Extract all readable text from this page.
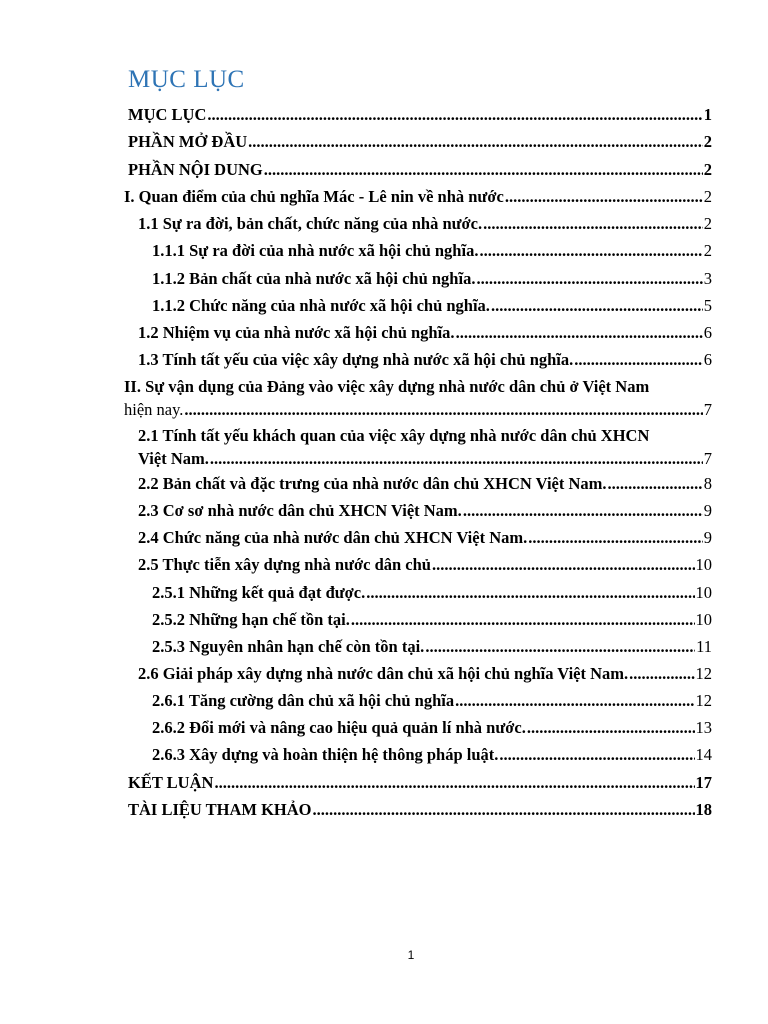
MỤC LỤC
MỤC LỤC .....	1
PHẦN MỞ ĐẦU .....	2
PHẦN NỘI DUNG .....	2
I. Quan điểm của chủ nghĩa Mác - Lê nin về nhà nước .....	2
1.1 Sự ra đời, bản chất, chức năng của nhà nước. .....	2
1.1.1 Sự ra đời của nhà nước xã hội chủ nghĩa. .....	2
1.1.2 Bản chất của nhà nước xã hội chủ nghĩa. .....	3
1.1.2 Chức năng của nhà nước xã hội chủ nghĩa. .....	5
1.2 Nhiệm vụ của nhà nước xã hội chủ nghĩa. .....	6
1.3 Tính tất yếu của việc xây dựng nhà nước xã hội chủ nghĩa. .....	6
II. Sự vận dụng của Đảng vào việc xây dựng nhà nước dân chủ ở Việt Nam
hiện nay. .....	7
2.1 Tính tất yếu khách quan của việc xây dựng nhà nước dân chủ XHCN
Việt Nam. .....	7
2.2 Bản chất và đặc trưng của nhà nước dân chủ XHCN Việt Nam. .....	8
2.3 Cơ sơ nhà nước dân chủ XHCN Việt Nam. .....	9
2.4 Chức năng của nhà nước dân chủ XHCN Việt Nam. .....	9
2.5 Thực tiễn xây dựng nhà nước dân chủ .....	10
2.5.1 Những kết quả đạt được. .....	10
2.5.2 Những hạn chế tồn tại. .....	10
2.5.3 Nguyên nhân hạn chế còn tồn tại. .....	11
2.6 Giải pháp xây dựng nhà nước dân chủ xã hội chủ nghĩa Việt Nam. .....	12
2.6.1 Tăng cường dân chủ xã hội chủ nghĩa .....	12
2.6.2 Đổi mới và nâng cao hiệu quả quản lí nhà nước. .....	13
2.6.3 Xây dựng và hoàn thiện hệ thông pháp luật. .....	14
KẾT LUẬN .....	17
TÀI LIỆU THAM KHẢO .....	18
1
